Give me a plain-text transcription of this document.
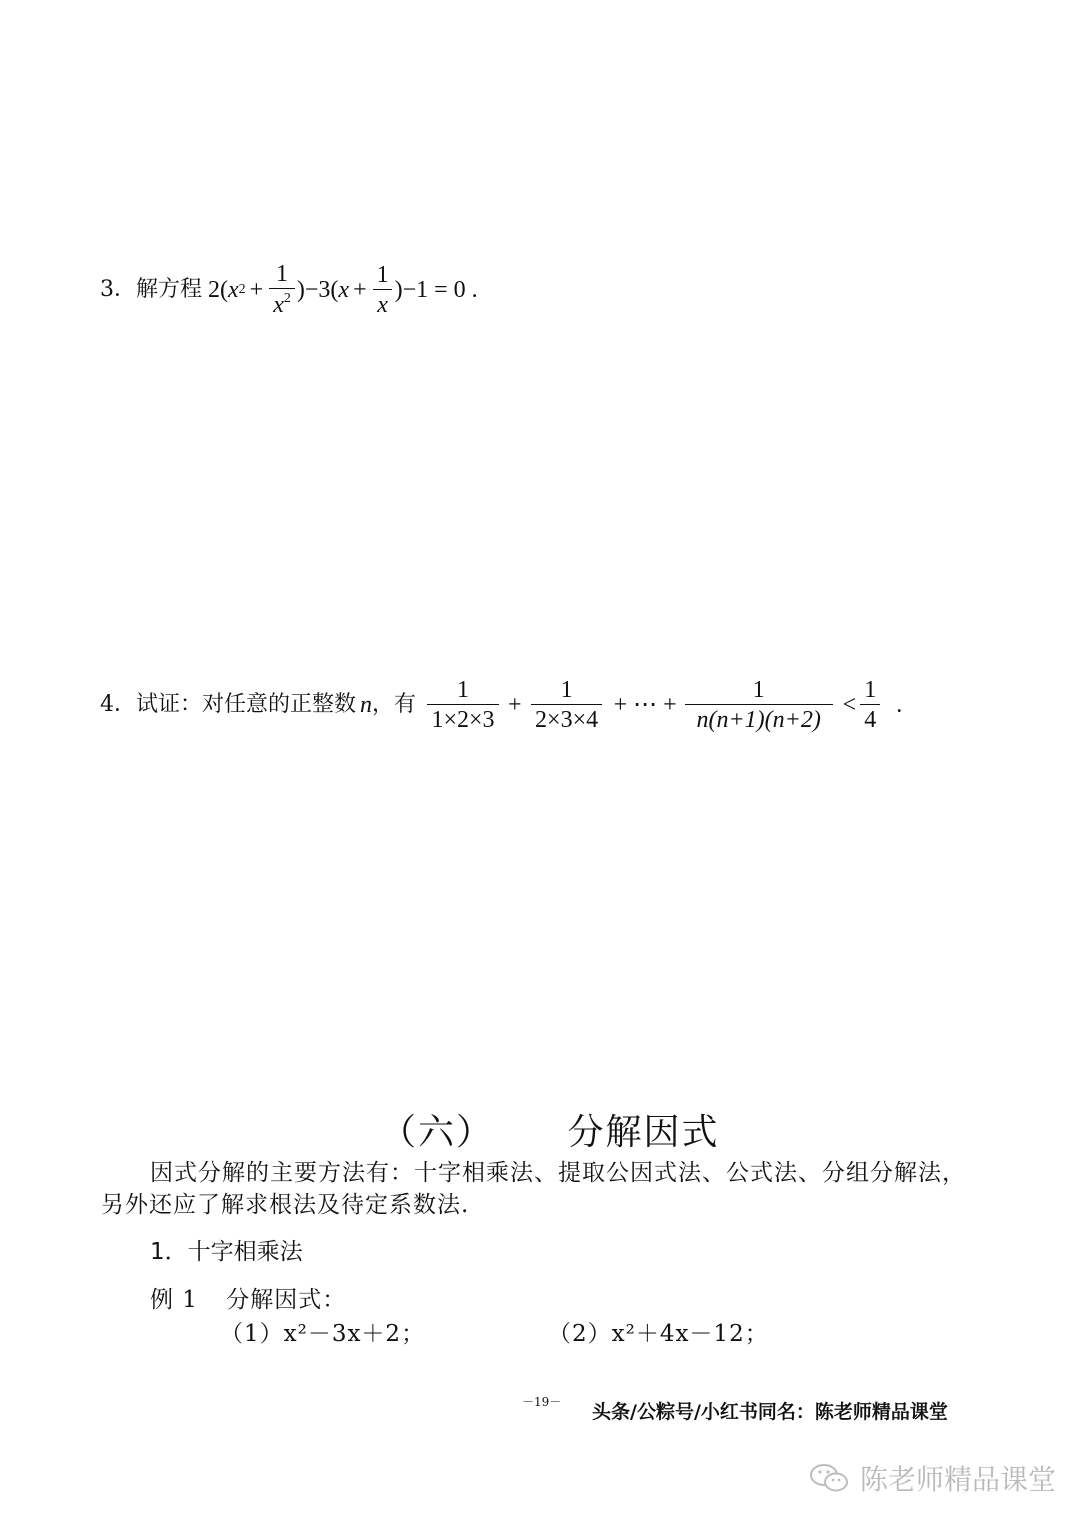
3． 解方程 2( x $2 + \frac{1}{x^2} )-3$( $x + \frac{1}{x} )-1 = 0$ .
4． 试证：对任意的正整数 n ，有 $\frac{1}{1\times 2\times 3} + \frac{1}{2\times 3\times 4}$ + ⋯ + $\frac{1}{n(n+1)(n+2)} < \frac{1}{4}$ .
（六） 分解因式
因式分解的主要方法有：十字相乘法、提取公因式法、公式法、分组分解法，
另外还应了解求根法及待定系数法.
1．十字相乘法
例 1 分解因式：
（1）x²－3x＋2；	（2）x²＋4x－12；
－19－ 头条/公粽号/小红书同名：陈老师精品课堂
陈老师精品课堂
